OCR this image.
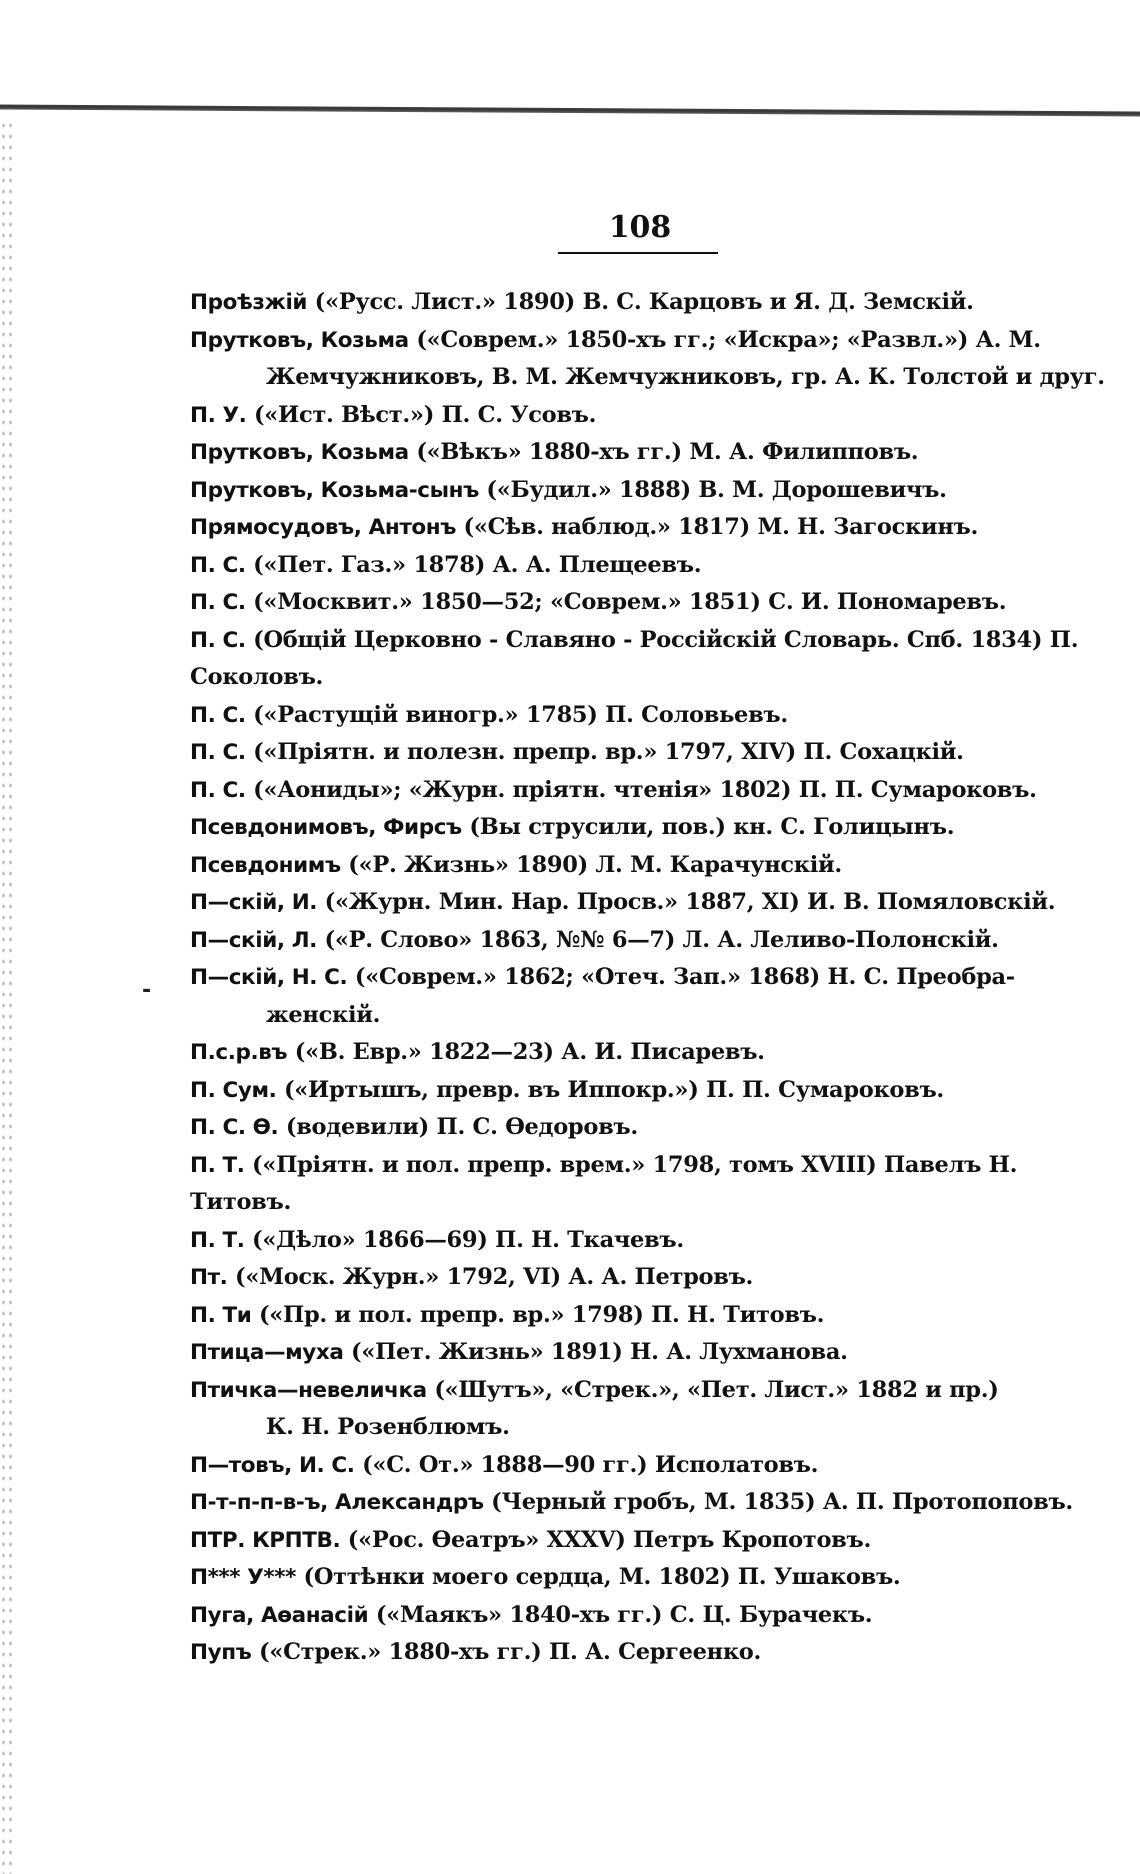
108
-
Проѣзжій («Русс. Лист.» 1890) В. С. Карцовъ и Я. Д. Земскій.
Прутковъ, Козьма («Соврем.» 1850-хъ гг.; «Искра»; «Развл.») А. М.
Жемчужниковъ, В. М. Жемчужниковъ, гр. А. К. Толстой и друг.
П. У. («Ист. Вѣст.») П. С. Усовъ.
Прутковъ, Козьма («Вѣкъ» 1880-хъ гг.) М. А. Филипповъ.
Прутковъ, Козьма-сынъ («Будил.» 1888) В. М. Дорошевичъ.
Прямосудовъ, Антонъ («Сѣв. наблюд.» 1817) М. Н. Загоскинъ.
П. С. («Пет. Газ.» 1878) А. А. Плещеевъ.
П. С. («Москвит.» 1850—52; «Соврем.» 1851) С. И. Пономаревъ.
П. С. (Общій Церковно - Славяно - Россійскій Словарь. Спб. 1834) П.
Соколовъ.
П. С. («Растущій виногр.» 1785) П. Соловьевъ.
П. С. («Пріятн. и полезн. препр. вр.» 1797, XIV) П. Сохацкій.
П. С. («Аониды»; «Журн. пріятн. чтенія» 1802) П. П. Сумароковъ.
Псевдонимовъ, Фирсъ (Вы струсили, пов.) кн. С. Голицынъ.
Псевдонимъ («Р. Жизнь» 1890) Л. М. Карачунскій.
П—скій, И. («Журн. Мин. Нар. Просв.» 1887, XI) И. В. Помяловскій.
П—скій, Л. («Р. Слово» 1863, №№ 6—7) Л. А. Леливо-Полонскій.
П—скій, Н. С. («Соврем.» 1862; «Отеч. Зап.» 1868) Н. С. Преобра-
женскій.
П.с.р.въ («В. Евр.» 1822—23) А. И. Писаревъ.
П. Сум. («Иртышъ, превр. въ Иппокр.») П. П. Сумароковъ.
П. С. Ѳ. (водевили) П. С. Ѳедоровъ.
П. Т. («Пріятн. и пол. препр. врем.» 1798, томъ XVIII) Павелъ Н.
Титовъ.
П. Т. («Дѣло» 1866—69) П. Н. Ткачевъ.
Пт. («Моск. Журн.» 1792, VI) А. А. Петровъ.
П. Ти («Пр. и пол. препр. вр.» 1798) П. Н. Титовъ.
Птица—муха («Пет. Жизнь» 1891) Н. А. Лухманова.
Птичка—невеличка («Шутъ», «Стрек.», «Пет. Лист.» 1882 и пр.)
К. Н. Розенблюмъ.
П—товъ, И. С. («С. От.» 1888—90 гг.) Исполатовъ.
П-т-п-п-в-ъ, Александръ (Черный гробъ, М. 1835) А. П. Протопоповъ.
ПТР. КРПТВ. («Рос. Ѳеатръ» XXXV) Петръ Кропотовъ.
П*** У*** (Оттѣнки моего сердца, М. 1802) П. Ушаковъ.
Пуга, Аѳанасій («Маякъ» 1840-хъ гг.) С. Ц. Бурачекъ.
Пупъ («Стрек.» 1880-хъ гг.) П. А. Сергеенко.
